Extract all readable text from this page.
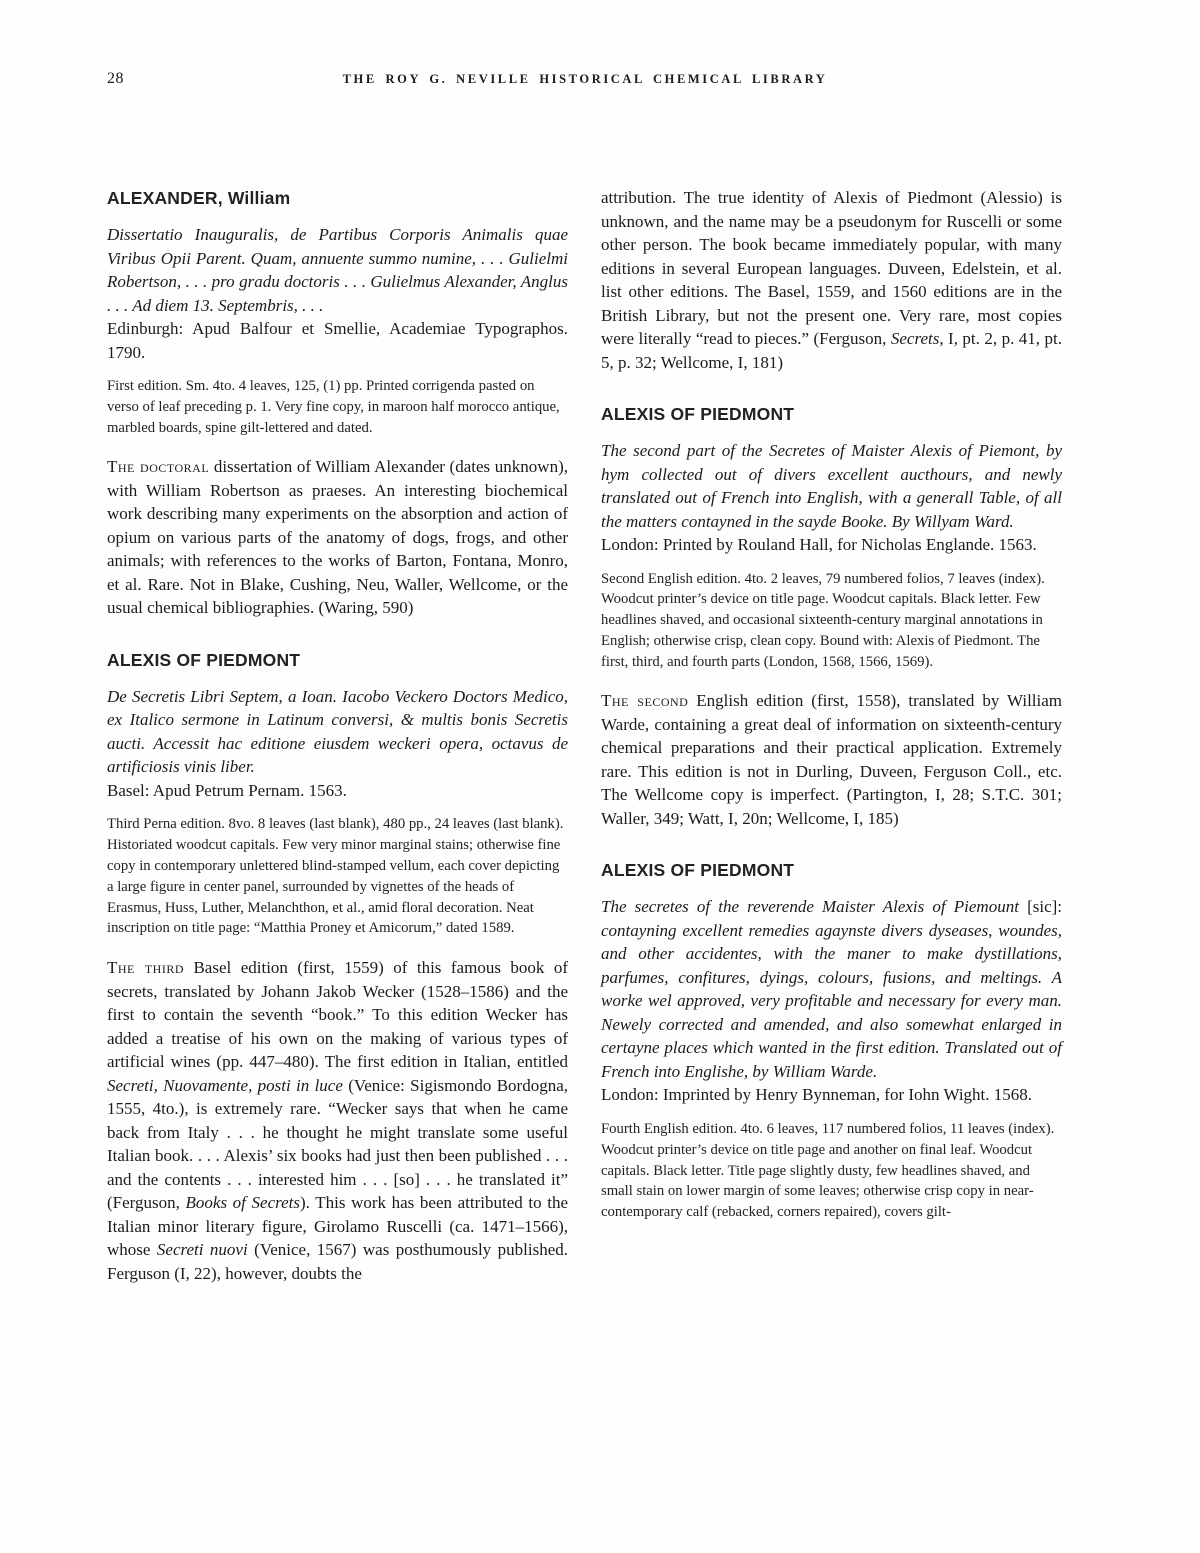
28	THE ROY G. NEVILLE HISTORICAL CHEMICAL LIBRARY
ALEXANDER, William

Dissertatio Inauguralis, de Partibus Corporis Animalis quae Viribus Opii Parent. Quam, annuente summo numine, . . . Gulielmi Robertson, . . . pro gradu doctoris . . . Gulielmus Alexander, Anglus . . . Ad diem 13. Septembris, . . .

Edinburgh: Apud Balfour et Smellie, Academiae Typographos. 1790.

First edition. Sm. 4to. 4 leaves, 125, (1) pp. Printed corrigenda pasted on verso of leaf preceding p. 1. Very fine copy, in maroon half morocco antique, marbled boards, spine gilt-lettered and dated.

The doctoral dissertation of William Alexander (dates unknown), with William Robertson as praeses. An interesting biochemical work describing many experiments on the absorption and action of opium on various parts of the anatomy of dogs, frogs, and other animals; with references to the works of Barton, Fontana, Monro, et al. Rare. Not in Blake, Cushing, Neu, Waller, Wellcome, or the usual chemical bibliographies. (Waring, 590)

ALEXIS OF PIEDMONT

De Secretis Libri Septem, a Ioan. Iacobo Veckero Doctors Medico, ex Italico sermone in Latinum conversi, & multis bonis Secretis aucti. Accessit hac editione eiusdem weckeri opera, octavus de artificiosis vinis liber.

Basel: Apud Petrum Pernam. 1563.

Third Perna edition. 8vo. 8 leaves (last blank), 480 pp., 24 leaves (last blank). Historiated woodcut capitals. Few very minor marginal stains; otherwise fine copy in contemporary unlettered blind-stamped vellum, each cover depicting a large figure in center panel, surrounded by vignettes of the heads of Erasmus, Huss, Luther, Melanchthon, et al., amid floral decoration. Neat inscription on title page: “Matthia Proney et Amicorum,” dated 1589.

The third Basel edition (first, 1559) of this famous book of secrets, translated by Johann Jakob Wecker (1528–1586) and the first to contain the seventh “book.” To this edition Wecker has added a treatise of his own on the making of various types of artificial wines (pp. 447–480). The first edition in Italian, entitled Secreti, Nuovamente, posti in luce (Venice: Sigismondo Bordogna, 1555, 4to.), is extremely rare. “Wecker says that when he came back from Italy . . . he thought he might translate some useful Italian book. . . . Alexis’ six books had just then been published . . . and the contents . . . interested him . . . [so] . . . he translated it” (Ferguson, Books of Secrets). This work has been attributed to the Italian minor literary figure, Girolamo Ruscelli (ca. 1471–1566), whose Secreti nuovi (Venice, 1567) was posthumously published. Ferguson (I, 22), however, doubts the

attribution. The true identity of Alexis of Piedmont (Alessio) is unknown, and the name may be a pseudonym for Ruscelli or some other person. The book became immediately popular, with many editions in several European languages. Duveen, Edelstein, et al. list other editions. The Basel, 1559, and 1560 editions are in the British Library, but not the present one. Very rare, most copies were literally “read to pieces.” (Ferguson, Secrets, I, pt. 2, p. 41, pt. 5, p. 32; Wellcome, I, 181)

ALEXIS OF PIEDMONT

The second part of the Secretes of Maister Alexis of Piemont, by hym collected out of divers excellent aucthours, and newly translated out of French into English, with a generall Table, of all the matters contayned in the sayde Booke. By Willyam Ward.

London: Printed by Rouland Hall, for Nicholas Englande. 1563.

Second English edition. 4to. 2 leaves, 79 numbered folios, 7 leaves (index). Woodcut printer’s device on title page. Woodcut capitals. Black letter. Few headlines shaved, and occasional sixteenth-century marginal annotations in English; otherwise crisp, clean copy. Bound with: Alexis of Piedmont. The first, third, and fourth parts (London, 1568, 1566, 1569).

The second English edition (first, 1558), translated by William Warde, containing a great deal of information on sixteenth-century chemical preparations and their practical application. Extremely rare. This edition is not in Durling, Duveen, Ferguson Coll., etc. The Wellcome copy is imperfect. (Partington, I, 28; S.T.C. 301; Waller, 349; Watt, I, 20n; Wellcome, I, 185)

ALEXIS OF PIEDMONT

The secretes of the reverende Maister Alexis of Piemount [sic]: contayning excellent remedies agaynste divers dyseases, woundes, and other accidentes, with the maner to make dystillations, parfumes, confitures, dyings, colours, fusions, and meltings. A worke wel approved, very profitable and necessary for every man. Newely corrected and amended, and also somewhat enlarged in certayne places which wanted in the first edition. Translated out of French into Englishe, by William Warde.

London: Imprinted by Henry Bynneman, for Iohn Wight. 1568.

Fourth English edition. 4to. 6 leaves, 117 numbered folios, 11 leaves (index). Woodcut printer’s device on title page and another on final leaf. Woodcut capitals. Black letter. Title page slightly dusty, few headlines shaved, and small stain on lower margin of some leaves; otherwise crisp copy in near-contemporary calf (rebacked, corners repaired), covers gilt-
